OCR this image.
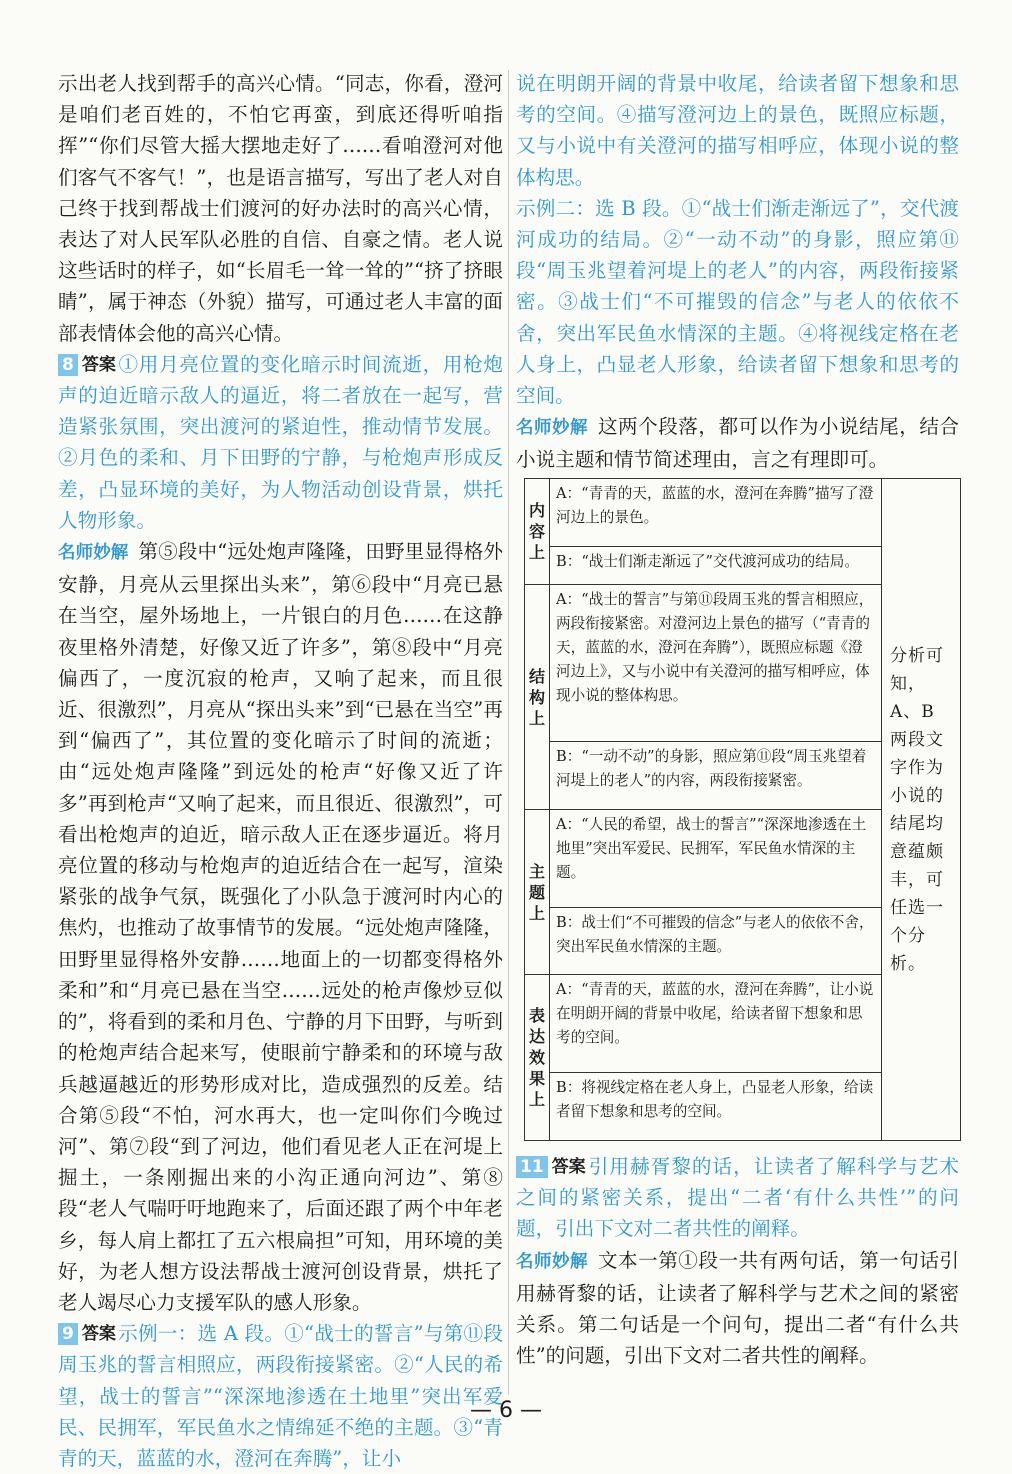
示出老人找到帮手的高兴心情。“同志，你看，澄河是咱们老百姓的，不怕它再蛮，到底还得听咱指挥”“你们尽管大摇大摆地走好了……看咱澄河对他们客气不客气！”，也是语言描写，写出了老人对自己终于找到帮战士们渡河的好办法时的高兴心情，表达了对人民军队必胜的自信、自豪之情。老人说这些话时的样子，如“长眉毛一耸一耸的”“挤了挤眼睛”，属于神态（外貌）描写，可通过老人丰富的面部表情体会他的高兴心情。

8 答案 ①用月亮位置的变化暗示时间流逝，用枪炮声的迫近暗示敌人的逼近，将二者放在一起写，营造紧张氛围，突出渡河的紧迫性，推动情节发展。②月色的柔和、月下田野的宁静，与枪炮声形成反差，凸显环境的美好，为人物活动创设背景，烘托人物形象。

名师妙解 第⑤段中“远处炮声隆隆，田野里显得格外安静，月亮从云里探出头来”，第⑥段中“月亮已悬在当空，屋外场地上，一片银白的月色……在这静夜里格外清楚，好像又近了许多”，第⑧段中“月亮偏西了，一度沉寂的枪声，又响了起来，而且很近、很激烈”，月亮从“探出头来”到“已悬在当空”再到“偏西了”，其位置的变化暗示了时间的流逝；由“远处炮声隆隆”到远处的枪声“好像又近了许多”再到枪声“又响了起来，而且很近、很激烈”，可看出枪炮声的迫近，暗示敌人正在逐步逼近。将月亮位置的移动与枪炮声的迫近结合在一起写，渲染紧张的战争气氛，既强化了小队急于渡河时内心的焦灼，也推动了故事情节的发展。“远处炮声隆隆，田野里显得格外安静……地面上的一切都变得格外柔和”和“月亮已悬在当空……远处的枪声像炒豆似的”，将看到的柔和月色、宁静的月下田野，与听到的枪炮声结合起来写，使眼前宁静柔和的环境与敌兵越逼越近的形势形成对比，造成强烈的反差。结合第⑤段“不怕，河水再大，也一定叫你们今晚过河”、第⑦段“到了河边，他们看见老人正在河堤上掘土，一条刚掘出来的小沟正通向河边”、第⑧段“老人气喘吁吁地跑来了，后面还跟了两个中年老乡，每人肩上都扛了五六根扁担”可知，用环境的美好，为老人想方设法帮战士渡河创设背景，烘托了老人竭尽心力支援军队的感人形象。

9 答案 示例一：选 A 段。①“战士的誓言”与第⑪段周玉兆的誓言相照应，两段衔接紧密。②“人民的希望，战士的誓言”“深深地渗透在土地里”突出军爱民、民拥军，军民鱼水之情绵延不绝的主题。③“青青的天，蓝蓝的水，澄河在奔腾”，让小

说在明朗开阔的背景中收尾，给读者留下想象和思考的空间。④描写澄河边上的景色，既照应标题，又与小说中有关澄河的描写相呼应，体现小说的整体构思。

示例二：选 B 段。①“战士们渐走渐远了”，交代渡河成功的结局。②“一动不动”的身影，照应第⑪段“周玉兆望着河堤上的老人”的内容，两段衔接紧密。③战士们“不可摧毁的信念”与老人的依依不舍，突出军民鱼水情深的主题。④将视线定格在老人身上，凸显老人形象，给读者留下想象和思考的空间。

名师妙解 这两个段落，都可以作为小说结尾，结合小说主题和情节简述理由，言之有理即可。

内容上	A：“青青的天，蓝蓝的水，澄河在奔腾”描写了澄河边上的景色。	分析可知，A、B两段文字作为小说的结尾均意蕴颇丰，可任选一个分析。
	B：“战士们渐走渐远了”交代渡河成功的结局。	
结构上	A：“战士的誓言”与第⑪段周玉兆的誓言相照应，两段衔接紧密。对澄河边上景色的描写（“青青的天，蓝蓝的水，澄河在奔腾”），既照应标题《澄河边上》，又与小说中有关澄河的描写相呼应，体现小说的整体构思。	
	B：“一动不动”的身影，照应第⑪段“周玉兆望着河堤上的老人”的内容，两段衔接紧密。	
主题上	A：“人民的希望，战士的誓言”“深深地渗透在土地里”突出军爱民、民拥军，军民鱼水情深的主题。	
	B：战士们“不可摧毁的信念”与老人的依依不舍，突出军民鱼水情深的主题。	
表达效果上	A：“青青的天，蓝蓝的水，澄河在奔腾”，让小说在明朗开阔的背景中收尾，给读者留下想象和思考的空间。	
	B：将视线定格在老人身上，凸显老人形象，给读者留下想象和思考的空间。	

11 答案 引用赫胥黎的话，让读者了解科学与艺术之间的紧密关系，提出“二者‘有什么共性’”的问题，引出下文对二者共性的阐释。

名师妙解 文本一第①段一共有两句话，第一句话引用赫胥黎的话，让读者了解科学与艺术之间的紧密关系。第二句话是一个问句，提出二者“有什么共性”的问题，引出下文对二者共性的阐释。

— 6 —
